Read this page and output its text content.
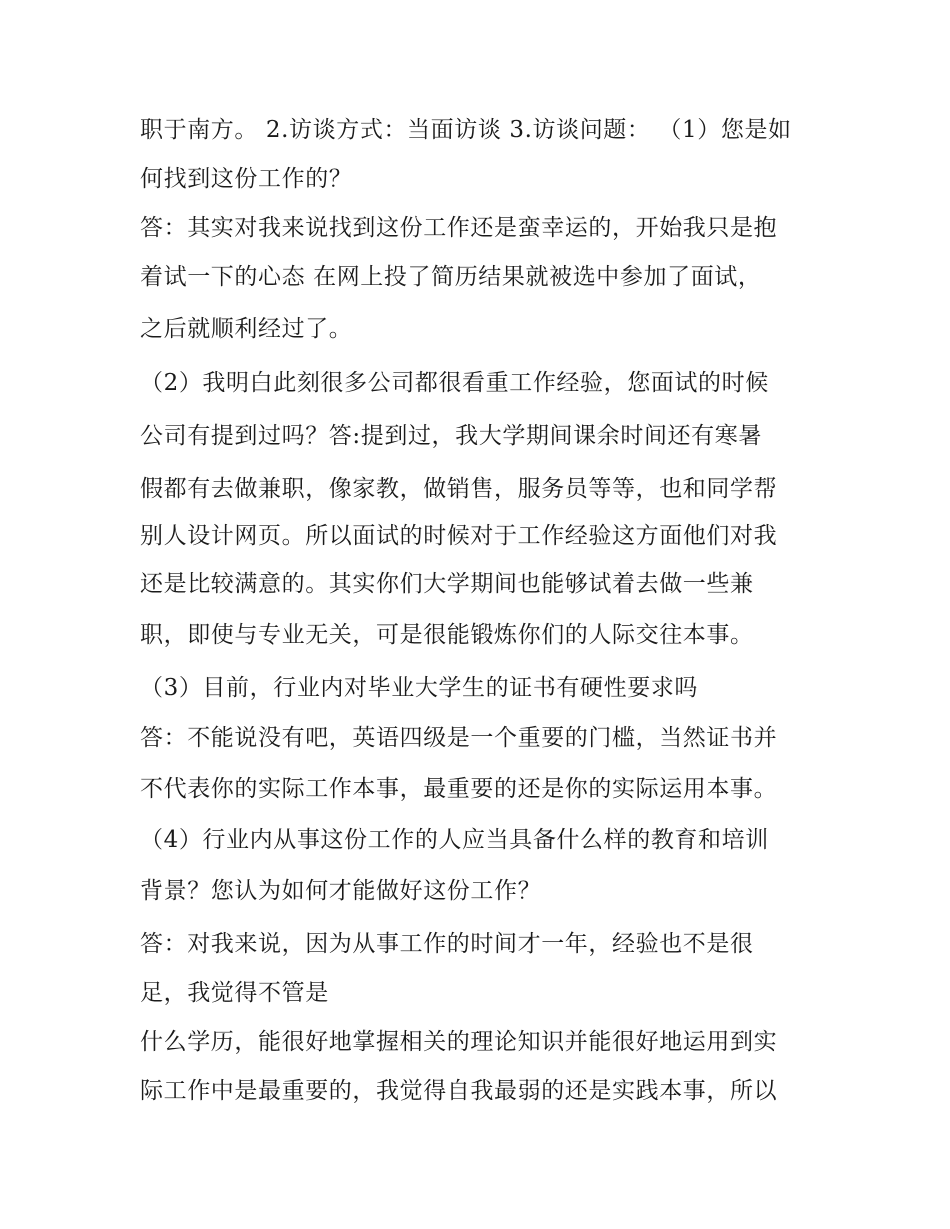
职于南方。 2.访谈方式：当面访谈 3.访谈问题： （1）您是如

何找到这份工作的？

答：其实对我来说找到这份工作还是蛮幸运的，开始我只是抱

着试一下的心态 在网上投了简历结果就被选中参加了面试，

之后就顺利经过了。

（2）我明白此刻很多公司都很看重工作经验，您面试的时候

公司有提到过吗？答:提到过，我大学期间课余时间还有寒暑

假都有去做兼职，像家教，做销售，服务员等等，也和同学帮

别人设计网页。所以面试的时候对于工作经验这方面他们对我

还是比较满意的。其实你们大学期间也能够试着去做一些兼

职，即使与专业无关，可是很能锻炼你们的人际交往本事。

（3）目前，行业内对毕业大学生的证书有硬性要求吗

答：不能说没有吧，英语四级是一个重要的门槛，当然证书并

不代表你的实际工作本事，最重要的还是你的实际运用本事。

（4）行业内从事这份工作的人应当具备什么样的教育和培训

背景？您认为如何才能做好这份工作？

答：对我来说，因为从事工作的时间才一年，经验也不是很

足，我觉得不管是

什么学历，能很好地掌握相关的理论知识并能很好地运用到实

际工作中是最重要的，我觉得自我最弱的还是实践本事，所以
